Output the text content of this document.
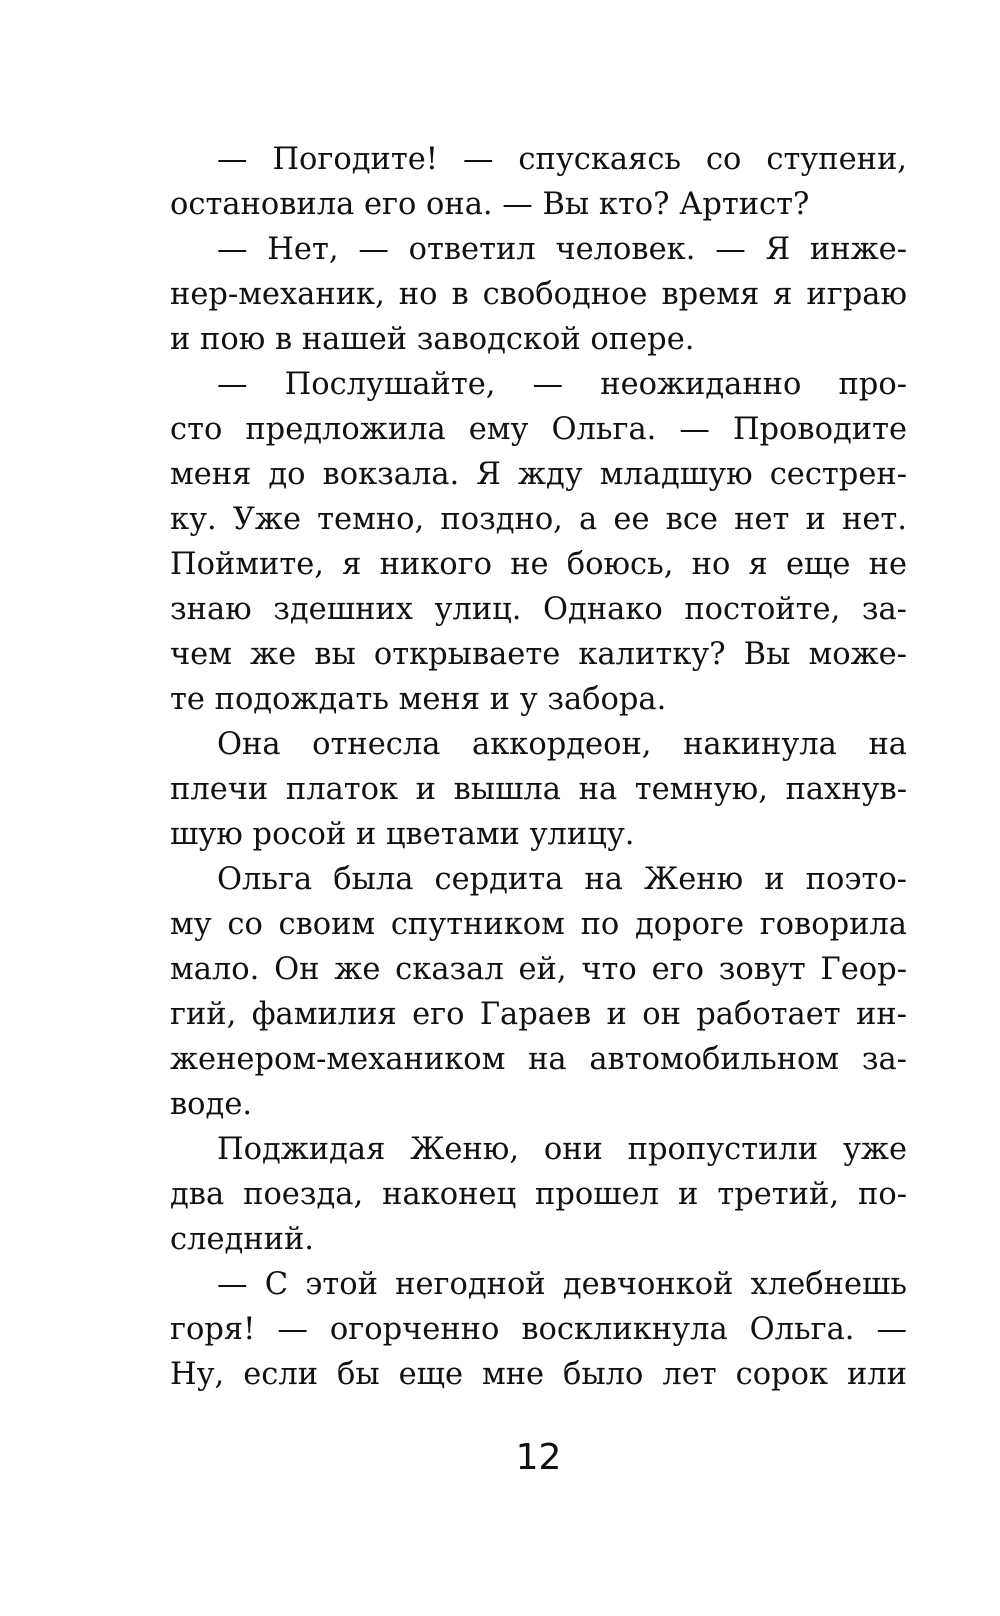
— Погодите! — спускаясь со ступени,
остановила его она. — Вы кто? Артист?
— Нет, — ответил человек. — Я инже-
нер-механик, но в свободное время я играю
и пою в нашей заводской опере.
— Послушайте, — неожиданно про-
сто предложила ему Ольга. — Проводите
меня до вокзала. Я жду младшую сестрен-
ку. Уже темно, поздно, а ее все нет и нет.
Поймите, я никого не боюсь, но я еще не
знаю здешних улиц. Однако постойте, за-
чем же вы открываете калитку? Вы може-
те подождать меня и у забора.
Она отнесла аккордеон, накинула на
плечи платок и вышла на темную, пахнув-
шую росой и цветами улицу.
Ольга была сердита на Женю и поэто-
му со своим спутником по дороге говорила
мало. Он же сказал ей, что его зовут Геор-
гий, фамилия его Гараев и он работает ин-
женером-механиком на автомобильном за-
воде.
Поджидая Женю, они пропустили уже
два поезда, наконец прошел и третий, по-
следний.
— С этой негодной девчонкой хлебнешь
горя! — огорченно воскликнула Ольга. —
Ну, если бы еще мне было лет сорок или
12
